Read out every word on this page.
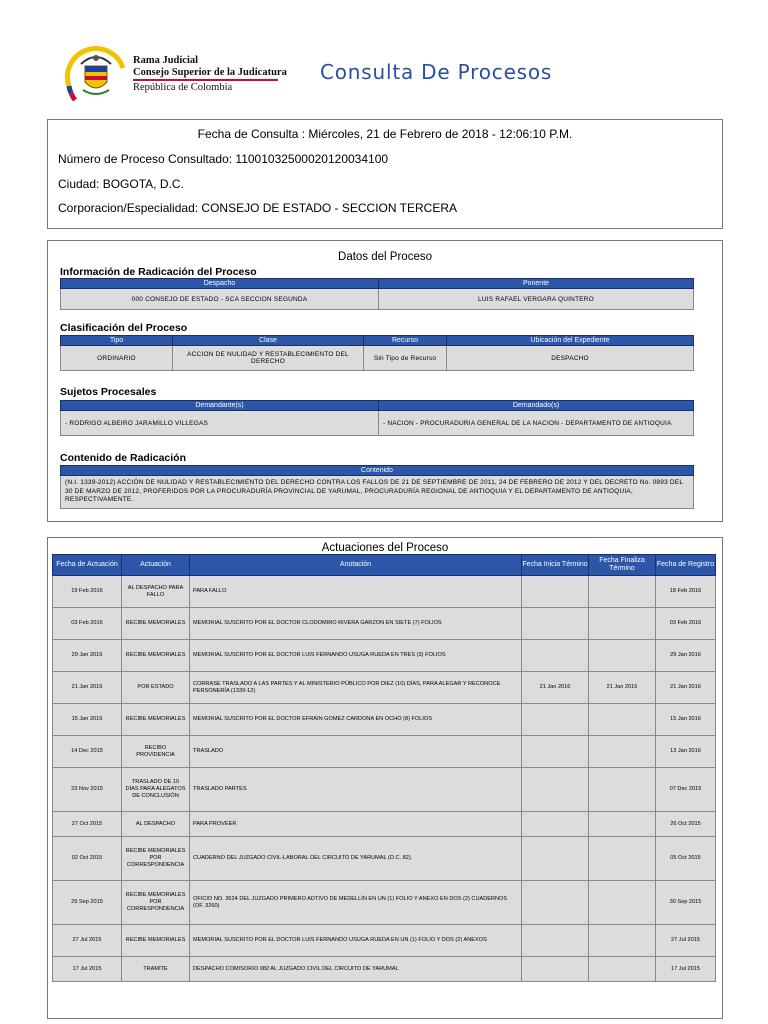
Rama Judicial
Consejo Superior de la Judicatura
República de Colombia
Consulta De Procesos
Fecha de Consulta : Miércoles, 21 de Febrero de 2018 - 12:06:10 P.M.
Número de Proceso Consultado: 11001032500020120034100
Ciudad: BOGOTA, D.C.
Corporacion/Especialidad: CONSEJO DE ESTADO - SECCION TERCERA
Datos del Proceso
Información de Radicación del Proceso
Despacho	Ponente
000 CONSEJO DE ESTADO - SCA SECCION SEGUNDA	LUIS RAFAEL VERGARA QUINTERO
Clasificación del Proceso
Tipo	Clase	Recurso	Ubicación del Expediente
ORDINARIO	ACCION DE NULIDAD Y RESTABLECIMIENTO DEL DERECHO	Sin Tipo de Recurso	DESPACHO
Sujetos Procesales
Demandante(s)	Demandado(s)
- RODRIGO ALBEIRO JARAMILLO VILLEGAS	- NACION - PROCURADURIA GENERAL DE LA NACION - DEPARTAMENTO DE ANTIOQUIA
Contenido de Radicación
Contenido
(N.I. 1339-2012) ACCIÓN DE NULIDAD Y RESTABLECIMIENTO DEL DERECHO CONTRA LOS FALLOS DE 21 DE SEPTIEMBRE DE 2011, 24 DE FEBRERO DE 2012 Y DEL DECRETO No. 0893 DEL 30 DE MARZO DE 2012, PROFERIDOS POR LA PROCURADURÍA PROVINCIAL DE YARUMAL, PROCURADURÍA REGIONAL DE ANTIOQUIA Y EL DEPARTAMENTO DE ANTIOQUIA, RESPECTIVAMENTE.
Actuaciones del Proceso
Fecha de Actuación	Actuación	Anotación	Fecha Inicia Término	Fecha Finaliza Término	Fecha de Registro
19 Feb 2016	AL DESPACHO PARA FALLO	PARA FALLO			18 Feb 2016
03 Feb 2016	RECIBE MEMORIALES	MEMORIAL SUSCRITO POR EL DOCTOR CLODOMIRO RIVERA GARZON EN SIETE (7) FOLIOS			03 Feb 2016
29 Jan 2016	RECIBE MEMORIALES	MEMORIAL SUSCRITO POR EL DOCTOR LUIS FERNANDO USUGA RUEDA EN TRES (3) FOLIOS			29 Jan 2016
21 Jan 2016	POR ESTADO	CORRASE TRASLADO A LAS PARTES Y AL MINISTERIO PÚBLICO POR DIEZ (10) DÍAS, PARA ALEGAR Y RECONOCE PERSONERÍA (1339-12)	21 Jan 2016	21 Jan 2016	21 Jan 2016
15 Jan 2016	RECIBE MEMORIALES	MEMORIAL SUSCRITO POR EL DOCTOR EFRAIN GOMEZ CARDONA EN OCHO (8) FOLIOS			15 Jan 2016
14 Dec 2015	RECIBO PROVIDENCIA	TRASLADO			13 Jan 2016
23 Nov 2015	TRASLADO DE 10 DÍAS PARA ALEGATOS DE CONCLUSIÓN	TRASLADO PARTES			07 Dec 2015
27 Oct 2015	AL DESPACHO	PARA PROVEER			26 Oct 2015
02 Oct 2015	RECIBE MEMORIALES POR CORRESPONDENCIA	CUADERNO DEL JUZGADO CIVIL-LABORAL DEL CIRCUITO DE YARUMAL (D.C. 82).			05 Oct 2015
29 Sep 2015	RECIBE MEMORIALES POR CORRESPONDENCIA	OFICIO NO. 3624 DEL JUZGADO PRIMERO ADTIVO DE MEDELLÍN EN UN (1) FOLIO Y ANEXO EN DOS (2) CUADERNOS (OF. 3260)			30 Sep 2015
27 Jul 2015	RECIBE MEMORIALES	MEMORIAL SUSCRITO POR EL DOCTOR LUIS FERNANDO USUGA RUEDA EN UN (1) FOLIO Y DOS (2) ANEXOS			27 Jul 2015
17 Jul 2015	TRAMITE	DESPACHO COMISORIO 082 AL JUZGADO CIVIL DEL CIRCUITO DE YARUMAL			17 Jul 2015
